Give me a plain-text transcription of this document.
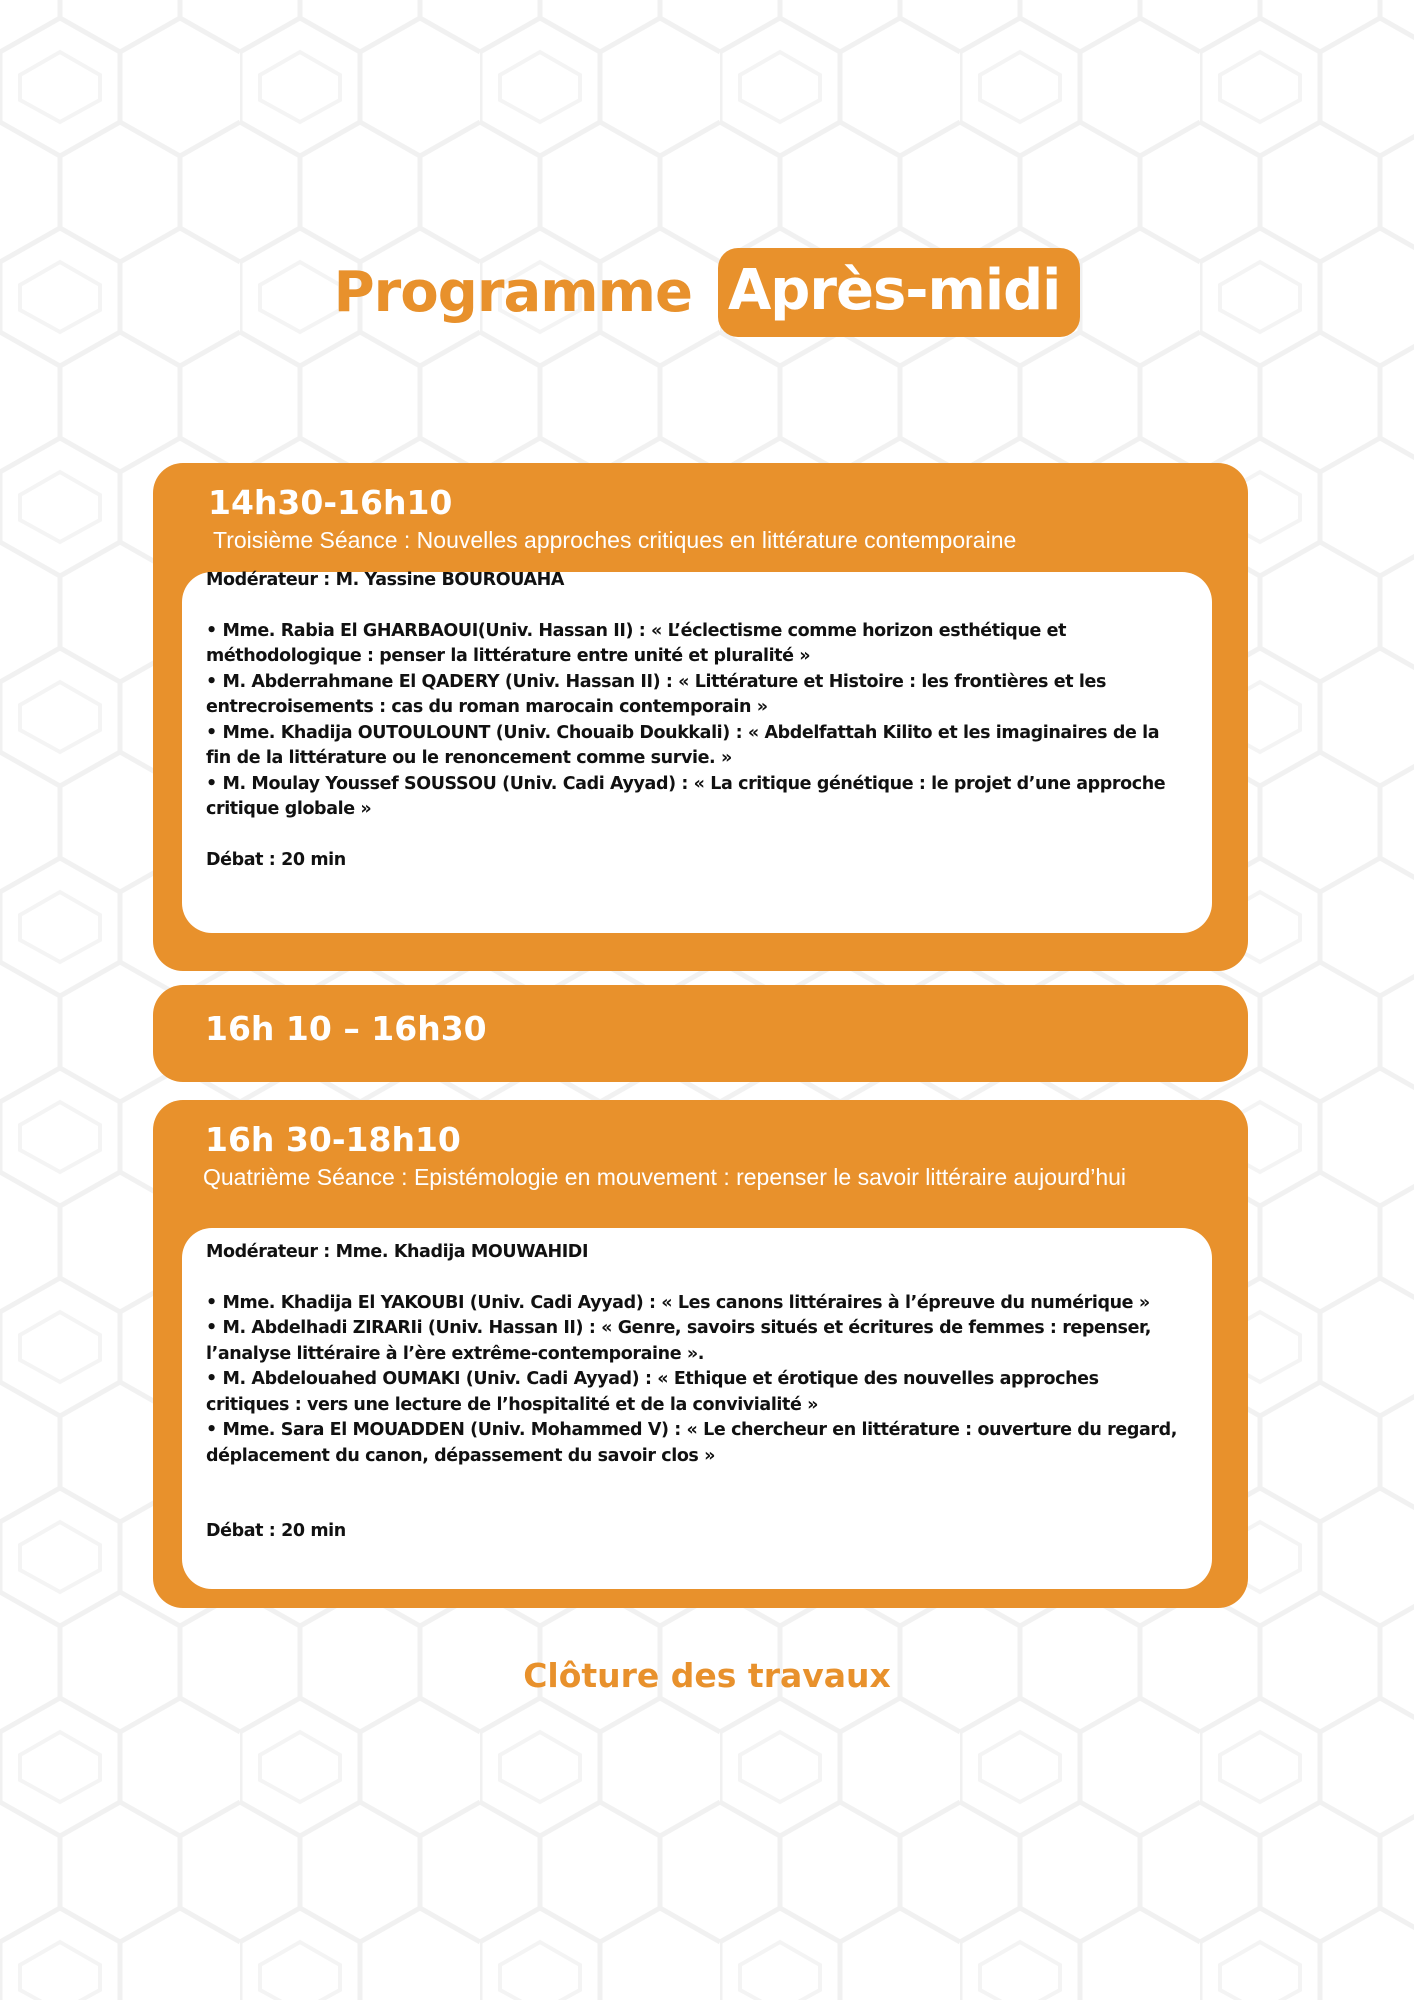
Programme Après-midi
14h30-16h10
Troisième Séance : Nouvelles approches critiques en littérature contemporaine
Modérateur : M. Yassine BOUROUAHA
• Mme. Rabia El GHARBAOUI(Univ. Hassan II) : « L’éclectisme comme horizon esthétique et méthodologique : penser la littérature entre unité et pluralité »
• M. Abderrahmane El QADERY (Univ. Hassan II) : « Littérature et Histoire : les frontières et les entrecroisements : cas du roman marocain contemporain »
• Mme. Khadija OUTOULOUNT (Univ. Chouaib Doukkali) : « Abdelfattah Kilito et les imaginaires de la fin de la littérature ou le renoncement comme survie. »
• M. Moulay Youssef SOUSSOU (Univ. Cadi Ayyad) : « La critique génétique : le projet d’une approche critique globale »
Débat : 20 min
16h 10 – 16h30
16h 30-18h10
Quatrième Séance : Epistémologie en mouvement : repenser le savoir littéraire aujourd’hui
Modérateur : Mme. Khadija MOUWAHIDI
• Mme. Khadija El YAKOUBI (Univ. Cadi Ayyad) : « Les canons littéraires à l’épreuve du numérique »
• M. Abdelhadi ZIRARIi (Univ. Hassan II) : « Genre, savoirs situés et écritures de femmes : repenser, l’analyse littéraire à l’ère extrême-contemporaine ».
• M. Abdelouahed OUMAKI (Univ. Cadi Ayyad) : « Ethique et érotique des nouvelles approches critiques : vers une lecture de l’hospitalité et de la convivialité »
• Mme. Sara El MOUADDEN (Univ. Mohammed V) : « Le chercheur en littérature : ouverture du regard, déplacement du canon, dépassement du savoir clos »
Débat : 20 min
Clôture des travaux
